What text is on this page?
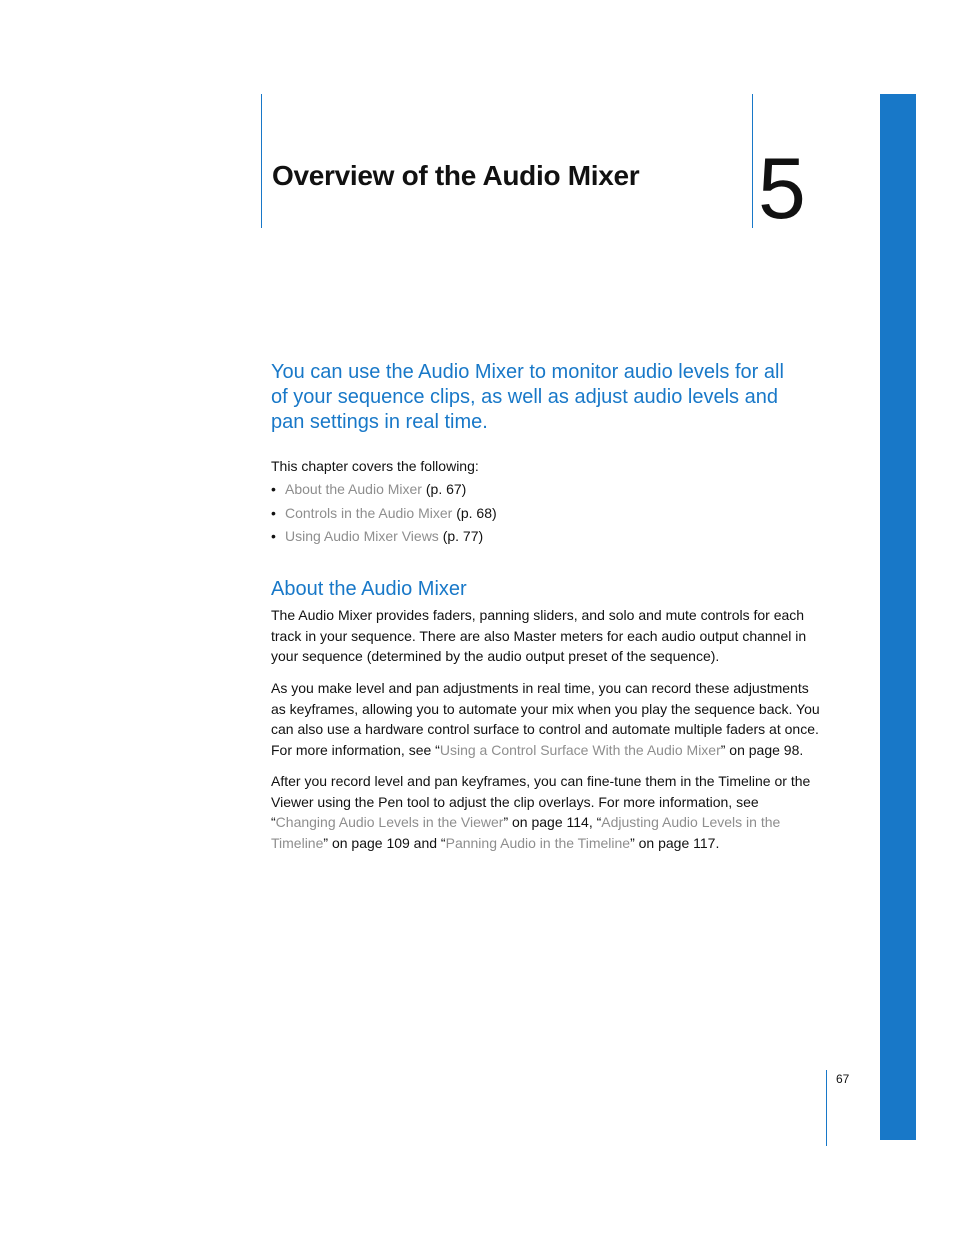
Overview of the Audio Mixer 5

You can use the Audio Mixer to monitor audio levels for all of your sequence clips, as well as adjust audio levels and pan settings in real time.

This chapter covers the following:

• About the Audio Mixer (p. 67)
• Controls in the Audio Mixer (p. 68)
• Using Audio Mixer Views (p. 77)
About the Audio Mixer

The Audio Mixer provides faders, panning sliders, and solo and mute controls for each track in your sequence. There are also Master meters for each audio output channel in your sequence (determined by the audio output preset of the sequence).

As you make level and pan adjustments in real time, you can record these adjustments as keyframes, allowing you to automate your mix when you play the sequence back. You can also use a hardware control surface to control and automate multiple faders at once. For more information, see “Using a Control Surface With the Audio Mixer” on page 98.

After you record level and pan keyframes, you can fine-tune them in the Timeline or the Viewer using the Pen tool to adjust the clip overlays. For more information, see “Changing Audio Levels in the Viewer” on page 114, “Adjusting Audio Levels in the Timeline” on page 109 and “Panning Audio in the Timeline” on page 117.

67
